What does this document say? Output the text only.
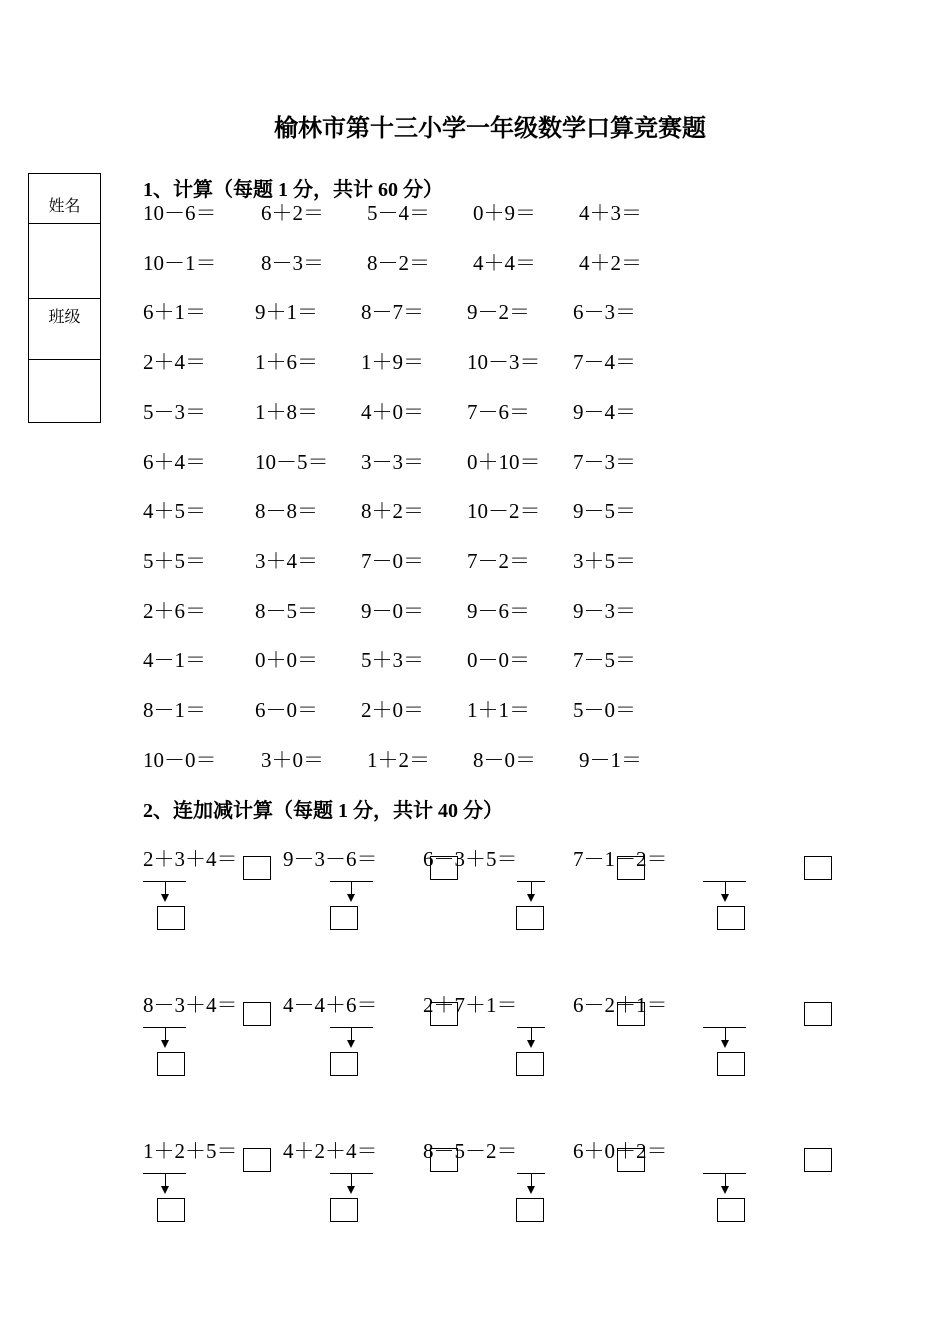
榆林市第十三小学一年级数学口算竞赛题
姓名
班级
1、计算（每题 1 分，共计 60 分）
10－6＝ 6＋2＝ 5－4＝ 0＋9＝ 4＋3＝
10－1＝ 8－3＝ 8－2＝ 4＋4＝ 4＋2＝
6＋1＝ 9＋1＝ 8－7＝ 9－2＝ 6－3＝
2＋4＝ 1＋6＝ 1＋9＝ 10－3＝ 7－4＝
5－3＝ 1＋8＝ 4＋0＝ 7－6＝ 9－4＝
6＋4＝ 10－5＝ 3－3＝ 0＋10＝ 7－3＝
4＋5＝ 8－8＝ 8＋2＝ 10－2＝ 9－5＝
5＋5＝ 3＋4＝ 7－0＝ 7－2＝ 3＋5＝
2＋6＝ 8－5＝ 9－0＝ 9－6＝ 9－3＝
4－1＝ 0＋0＝ 5＋3＝ 0－0＝ 7－5＝
8－1＝ 6－0＝ 2＋0＝ 1＋1＝ 5－0＝
10－0＝ 3＋0＝ 1＋2＝ 8－0＝ 9－1＝
2、连加减计算（每题 1 分，共计 40 分）
2＋3＋4＝ 9－3－6＝ 6－3＋5＝	7－1－2＝
8－3＋4＝ 4－4＋6＝ 2＋7＋1＝	6－2＋1＝
1＋2＋5＝ 4＋2＋4＝ 8－5－2＝	6＋0＋2＝
